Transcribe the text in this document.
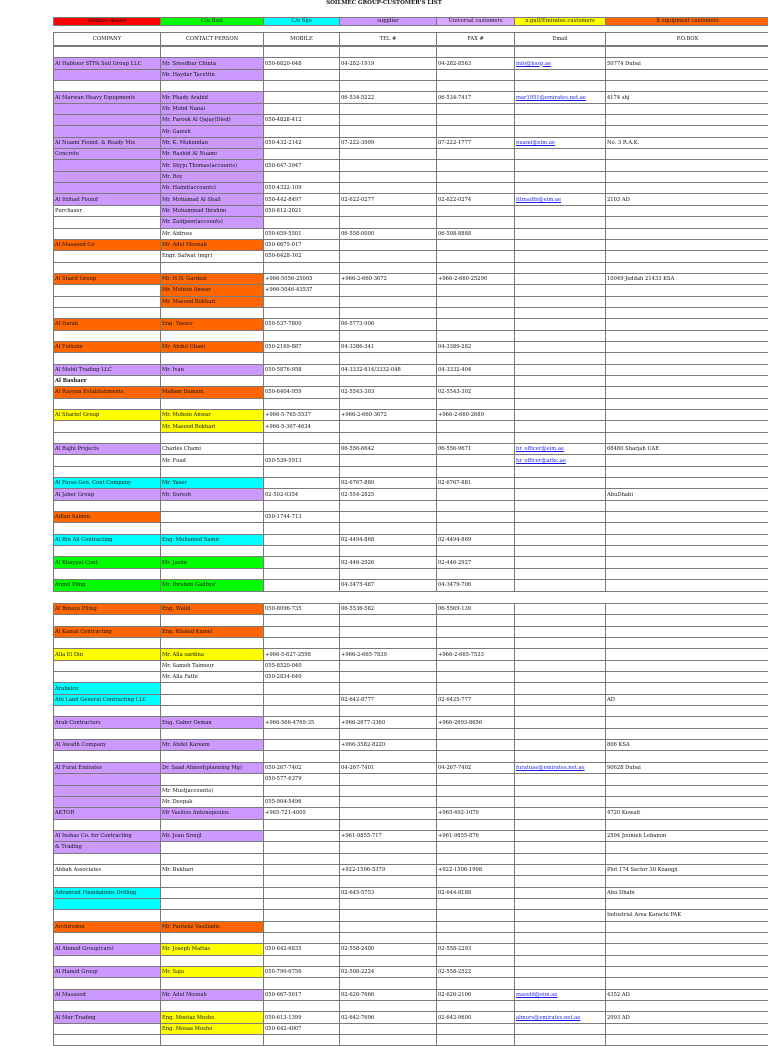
SOILMEC GROUP-CUSTOMER'S LIST
Soilmec dealer	C/o Bsst	C/o Sijo	supplier	Universal customers	x.gulf/Emirates customers	X equipment customers
COMPANY	CONTACT PERSON	MOBILE	TEL #	FAX #	Email	P.O.BOX

Al Habtoor STFA Soil Group LLC	Mr. Sreedhar Chinta	050-6820-648	04-282-1919	04-282-8563	info@hssg.ae	50774 Dubai
	Mr. Haydar Tacettin					

Al Marwan Heavy Equipments	Mr. Phady Arabid		06-534-5222	06-534-7417	mar1951@emirates.net.ae	4174 shj
	Mr. Mohd Nanai					
	Mr. Farook Al Qajay(Died)	050-4828-412				
	Mr. Ganish					
Al Nuami Found. & Ready Mix	Mr. K. Mukundan	050-432-2142	07-222-3999	07-222-1777	nuami@eim.ae	No. 3 R.A.K.
Concrete	Mr. Rashid Al Nuami					
	Mr. Shyju Thomas(accounts)	050-647-3947				
	Mr. Roy					
	Mr. Hamd(accounts)	050-4322-109				
Al Ittihad Found	Mr. Mohamad Al Shall	050-442-8497	02-622-0277	02-622-0274	ittmadfn@eim.ae	2103 AD
Purchaser	Mr. Mohammad Ibrahim	050-812-2021				
	Mr. Zaidjoon(accounts)					
	Mr. Aidross	050-659-5501	06-558-0000	06-508-8888		
Al Masaood Co	Mr. Adel Mosnah	050-6675-017				
	Engr. Safwat (mgr)	050-6428-162				

Al Sharif Group	Mr. H.N. Gardezi	+966-5056-25005	+966-2-660-3672	+966-2-660-25290		10049 Jeddah 21433 KSA
	Mr. Mohsin Anwar	+966-5046-43537				
	Mr. Masood Bokhari					

Al Darah	Eng. Yasser	050-537-7800	06-5773-906			

Al Futtaim	Mr. Abdul Ghani	050-2169-887	04-3386-341	04-3389-282		

Al Mobil Trading LLC	Mr. Ivan	050-5876-958	04-3332-614/3332-048	04-3332-404		
Al Bashaer						
Al Rayyan Establishments	Madam Damam	050-6404-959	02-5543-303	02-5543-302		

Al Sharief Group	Mr. Mohsin Anwar	+966-5-765-5537	+966-2-660-3672	+966-2-660-2680		
	Mr. Masood Bokhari	+966-5-367-4634				

Al Rajhi Projects	Charles Chami		06-556-6642	06-556-9671	hr_officer@eim.ae	68480 Sharjah UAE
	Mr. Fuad	050-539-5913			hr_officer@arkc.ae	

Al Faras Gen. Cont Company	Mr. Yaser		02-6767-880	02-6767-881		
Al Jaber Group	Mr. Suresh	02-502-0354	02-554-2825			AbuDhabi

Adlan Salmin		050-1744-713				

Al Bin Ali Contracting	Eng. Muhamed Samir		02-4494-868	02-4494-869		

Al Khayyat Cont.	Mr. Jasim		02-446-2926	02-446-2927		

Anmil Pling	Mr. Ibrahim Gadbye'		04-3475-487	04-3479-706		
Al Binaya Piling	Eng. Walid	050-8096-735	06-5536-582	06-5569-139		

Al Kamal Contracting	Eng. Khaled Kamel					

Alla El Din	Mr. Alla sardina	+966-5-627-2598	+966-2-665-7839	+966-2-665-7533		
	Mr. Sameh Taimour	055-8520-040				
	Mr. Alla Fathi	050-2834-640				
Arabelco						
Abi Land General Contracting LLC			02-642-8777	02-6425-777		AD

Arab Contractors	Eng. Gaber Osman	+966-566-4769-35	+966-2677-3360	+966-2693-8656		

Al Awadh Company	Mr. Abdel Kareem		+966-3582-8220			806 KSA

Al Furat Emirates	Dr. Saad Ahmed(planning Mg)	050-267-7402	04-267-7401	04-267-7402	furatuae@emirates.net.ae	90628 Dubai
		050-577-6379				
	Mr. Mustjaccounts)					
	Mr. Deepak	055-904-5496				
AKTOR	Mr Vasilios Antonopoulos	+965-721-4005		+965-492-1070		4720 Kuwait

Al Inshas Co. for Contracting	Mr. Jean Sroujl		+961-9855-717	+961-9855-876		2594 Jounieh Lebanon
& Trading						

Abbah Associates	Mr. Bukhari		+922-1506-5379	+922-1506-1998		Plot 174 Sector 30 Koangji

Advanced Foundations Drilling			02-645-5753	02-644-8188		Abu Dhabi

						Industrial Area Karachi PAK
Archirodon	Mr. Panteliz Vasiliadis					

Al Ahmed Group(cars)	Mr. Joseph Mattas	050-642-6835	02-558-2400	02-558-2293		

Al Hamid Group	Mr. Saju	050-790-6756	02-508-2224	02-558-2522		

Al Masaood	Mr. Adel Mosnah	050-667-5017	02-626-7666	02-626-2106	masold@eim.ae	4352 AD

Al Mur Trading	Eng. Moetaz Mosho	050-613-1399	02-642-7696	02-642-9600	almurs@emirates.net.ae	2903 AD
	Eng. Mosaa Mosho	050-642-4007				
